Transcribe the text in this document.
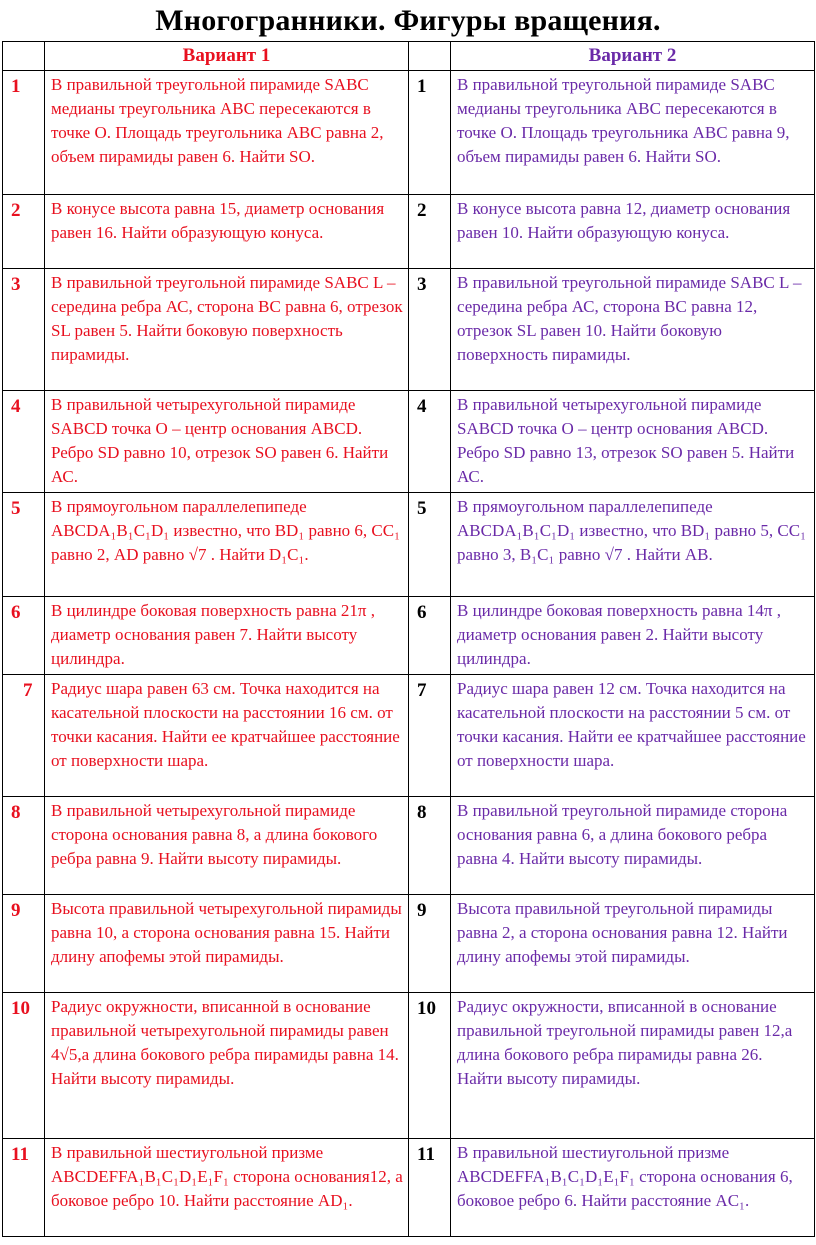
Многогранники. Фигуры вращения.
	Вариант 1		Вариант 2
1	В правильной треугольной пирамиде SABC медианы треугольника АВС пересекаются в точке О. Площадь треугольника АВС равна 2, объем пирамиды равен 6. Найти SO.	1	В правильной треугольной пирамиде SABC медианы треугольника АВС пересекаются в точке О. Площадь треугольника АВС равна 9, объем пирамиды равен 6. Найти SO.
2	В конусе высота равна 15, диаметр основания равен 16. Найти образующую конуса.	2	В конусе высота равна 12, диаметр основания равен 10. Найти образующую конуса.
3	В правильной треугольной пирамиде SABC L – середина ребра АС, сторона ВС равна 6, отрезок SL равен 5. Найти боковую поверхность пирамиды.	3	В правильной треугольной пирамиде SABC L – середина ребра АС, сторона ВС равна 12, отрезок SL равен 10. Найти боковую поверхность пирамиды.
4	В правильной четырехугольной пирамиде SABCD точка О – центр основания ABCD. Ребро SD равно 10, отрезок SO равен 6. Найти АС.	4	В правильной четырехугольной пирамиде SABCD точка О – центр основания ABCD. Ребро SD равно 13, отрезок SO равен 5. Найти АС.
5	В прямоугольном параллелепипеде ABCDA₁B₁C₁D₁ известно, что BD₁ равно 6, CC₁ равно 2, AD равно √7 . Найти D₁C₁.	5	В прямоугольном параллелепипеде ABCDA₁B₁C₁D₁ известно, что BD₁ равно 5, CC₁ равно 3, B₁C₁ равно √7 . Найти AB.
6	В цилиндре боковая поверхность равна 21π , диаметр основания равен 7. Найти высоту цилиндра.	6	В цилиндре боковая поверхность равна 14π , диаметр основания равен 2. Найти высоту цилиндра.
7	Радиус шара равен 63 см. Точка находится на касательной плоскости на расстоянии 16 см. от точки касания. Найти ее кратчайшее расстояние от поверхности шара.	7	Радиус шара равен 12 см. Точка находится на касательной плоскости на расстоянии 5 см. от точки касания. Найти ее кратчайшее расстояние от поверхности шара.
8	В правильной четырехугольной пирамиде сторона основания равна 8, а длина бокового ребра равна 9. Найти высоту пирамиды.	8	В правильной треугольной пирамиде сторона основания равна 6, а длина бокового ребра равна 4. Найти высоту пирамиды.
9	Высота правильной четырехугольной пирамиды равна 10, а сторона основания равна 15. Найти длину апофемы этой пирамиды.	9	Высота правильной треугольной пирамиды равна 2, а сторона основания равна 12. Найти длину апофемы этой пирамиды.
10	Радиус окружности, вписанной в основание правильной четырехугольной пирамиды равен 4√5,а длина бокового ребра пирамиды равна 14. Найти высоту пирамиды.	10	Радиус окружности, вписанной в основание правильной треугольной пирамиды равен 12,а длина бокового ребра пирамиды равна 26. Найти высоту пирамиды.
11	В правильной шестиугольной призме ABCDEFFA₁B₁C₁D₁E₁F₁ сторона основания12, а боковое ребро 10. Найти расстояние AD₁.	11	В правильной шестиугольной призме ABCDEFFA₁B₁C₁D₁E₁F₁ сторона основания 6, боковое ребро 6. Найти расстояние AC₁.
